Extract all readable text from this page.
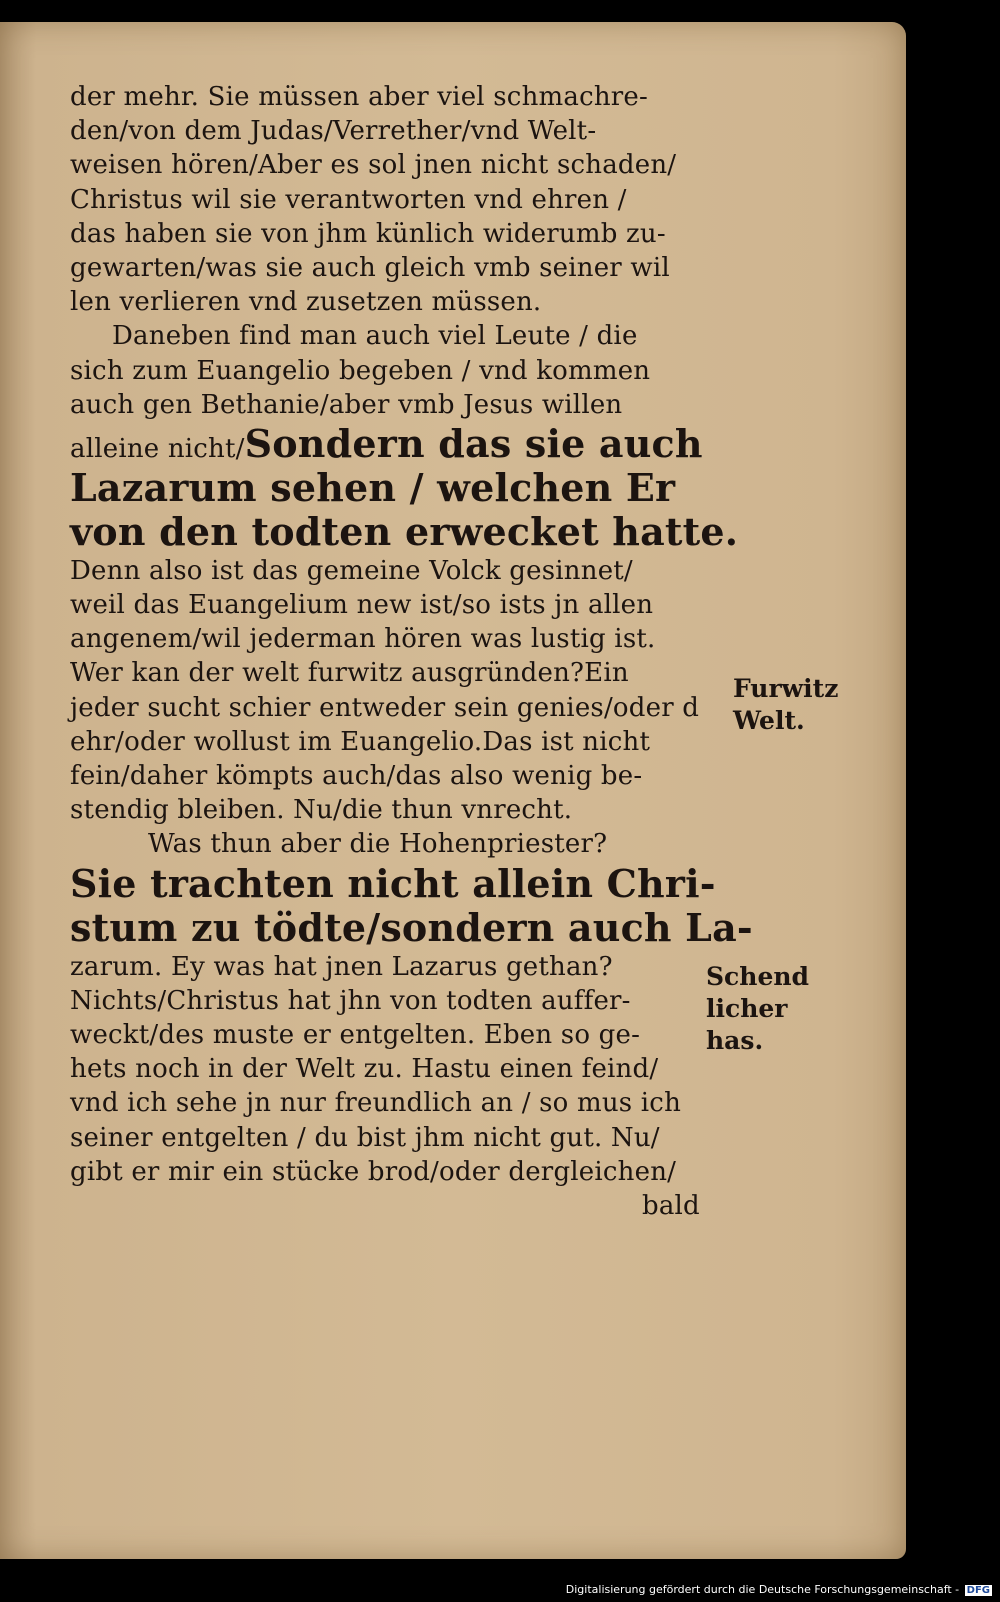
der mehr. Sie müssen aber viel schmachre-
den/von dem Judas/Verrether/vnd Welt-
weisen hören/Aber es sol jnen nicht schaden/
Christus wil sie verantworten vnd ehren /
das haben sie von jhm künlich widerumb zu-
gewarten/was sie auch gleich vmb seiner wil
len verlieren vnd zusetzen müssen.
Daneben find man auch viel Leute / die
sich zum Euangelio begeben / vnd kommen
auch gen Bethanie/aber vmb Jesus willen
alleine nicht/Sondern das sie auch
Lazarum sehen / welchen Er
von den todten erwecket hatte.
Denn also ist das gemeine Volck gesinnet/
weil das Euangelium new ist/so ists jn allen
angenem/wil jederman hören was lustig ist.
Wer kan der welt furwitz ausgründen?Ein
jeder sucht schier entweder sein genies/oder d
ehr/oder wollust im Euangelio.Das ist nicht
fein/daher kömpts auch/das also wenig be-
stendig bleiben. Nu/die thun vnrecht.
Was thun aber die Hohenpriester?
Sie trachten nicht allein Chri-
stum zu tödte/sondern auch La-
zarum. Ey was hat jnen Lazarus gethan?
Nichts/Christus hat jhn von todten auffer-
weckt/des muste er entgelten. Eben so ge-
hets noch in der Welt zu. Hastu einen feind/
vnd ich sehe jn nur freundlich an / so mus ich
seiner entgelten / du bist jhm nicht gut. Nu/
gibt er mir ein stücke brod/oder dergleichen/
bald
Furwitz
Welt.
Schend
licher
has.
Digitalisierung gefördert durch die Deutsche Forschungsgemeinschaft - DFG
